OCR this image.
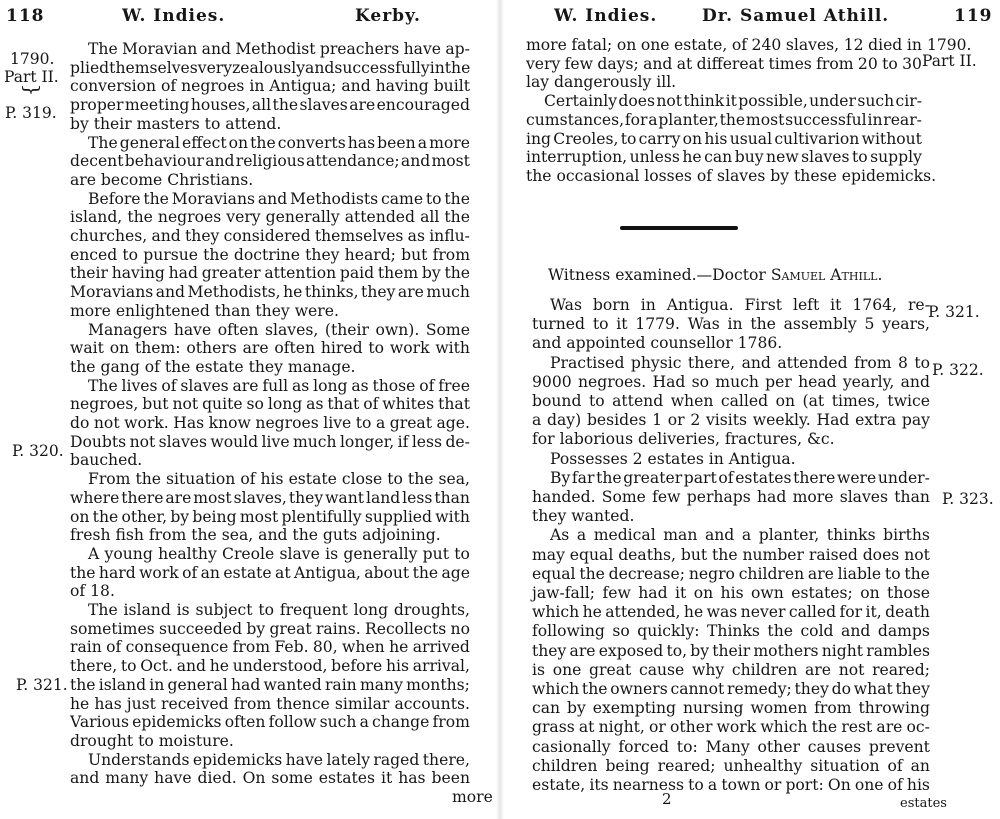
118	W. Indies.	Kerby.
1790.
Part II.
}
P. 319.
P. 320.
P. 321.
The Moravian and Methodist preachers have ap-
plied themselves very zealously and successfully in the
conversion of negroes in Antigua; and having built
proper meeting houses, all the slaves are encouraged
by their masters to attend.
The general effect on the converts has been a more
decent behaviour and religious attendance; and most
are become Christians.
Before the Moravians and Methodists came to the
island, the negroes very generally attended all the
churches, and they considered themselves as influ-
enced to pursue the doctrine they heard; but from
their having had greater attention paid them by the
Moravians and Methodists, he thinks, they are much
more enlightened than they were.
Managers have often slaves, (their own). Some
wait on them: others are often hired to work with
the gang of the estate they manage.
The lives of slaves are full as long as those of free
negroes, but not quite so long as that of whites that
do not work. Has know negroes live to a great age.
Doubts not slaves would live much longer, if less de-
bauched.
From the situation of his estate close to the sea,
where there are most slaves, they want land less than
on the other, by being most plentifully supplied with
fresh fish from the sea, and the guts adjoining.
A young healthy Creole slave is generally put to
the hard work of an estate at Antigua, about the age
of 18.
The island is subject to frequent long droughts,
sometimes succeeded by great rains. Recollects no
rain of consequence from Feb. 80, when he arrived
there, to Oct. and he understood, before his arrival,
the island in general had wanted rain many months;
he has just received from thence similar accounts.
Various epidemicks often follow such a change from
drought to moisture.
Understands epidemicks have lately raged there,
and many have died. On some estates it has been
more
W. Indies.	Dr. Samuel Athill.	119
1790.
Part II.
P. 321.
P. 322.
P. 323.
Witness examined.—Doctor Samuel Athill.
more fatal; on one estate, of 240 slaves, 12 died in
very few days; and at differeat times from 20 to 30
lay dangerously ill.
Certainly does not think it possible, under such cir-
cumstances, for a planter, the most successful in rear-
ing Creoles, to carry on his usual cultivarion without
interruption, unless he can buy new slaves to supply
the occasional losses of slaves by these epidemicks.
Was born in Antigua. First left it 1764, re-
turned to it 1779. Was in the assembly 5 years,
and appointed counsellor 1786.
Practised physic there, and attended from 8 to
9000 negroes. Had so much per head yearly, and
bound to attend when called on (at times, twice
a day) besides 1 or 2 visits weekly. Had extra pay
for laborious deliveries, fractures, &c.
Possesses 2 estates in Antigua.
By far the greater part of estates there were under-
handed. Some few perhaps had more slaves than
they wanted.
As a medical man and a planter, thinks births
may equal deaths, but the number raised does not
equal the decrease; negro children are liable to the
jaw-fall; few had it on his own estates; on those
which he attended, he was never called for it, death
following so quickly: Thinks the cold and damps
they are exposed to, by their mothers night rambles
is one great cause why children are not reared;
which the owners cannot remedy; they do what they
can by exempting nursing women from throwing
grass at night, or other work which the rest are oc-
casionally forced to: Many other causes prevent
children being reared; unhealthy situation of an
estate, its nearness to a town or port: On one of his
estates
2
